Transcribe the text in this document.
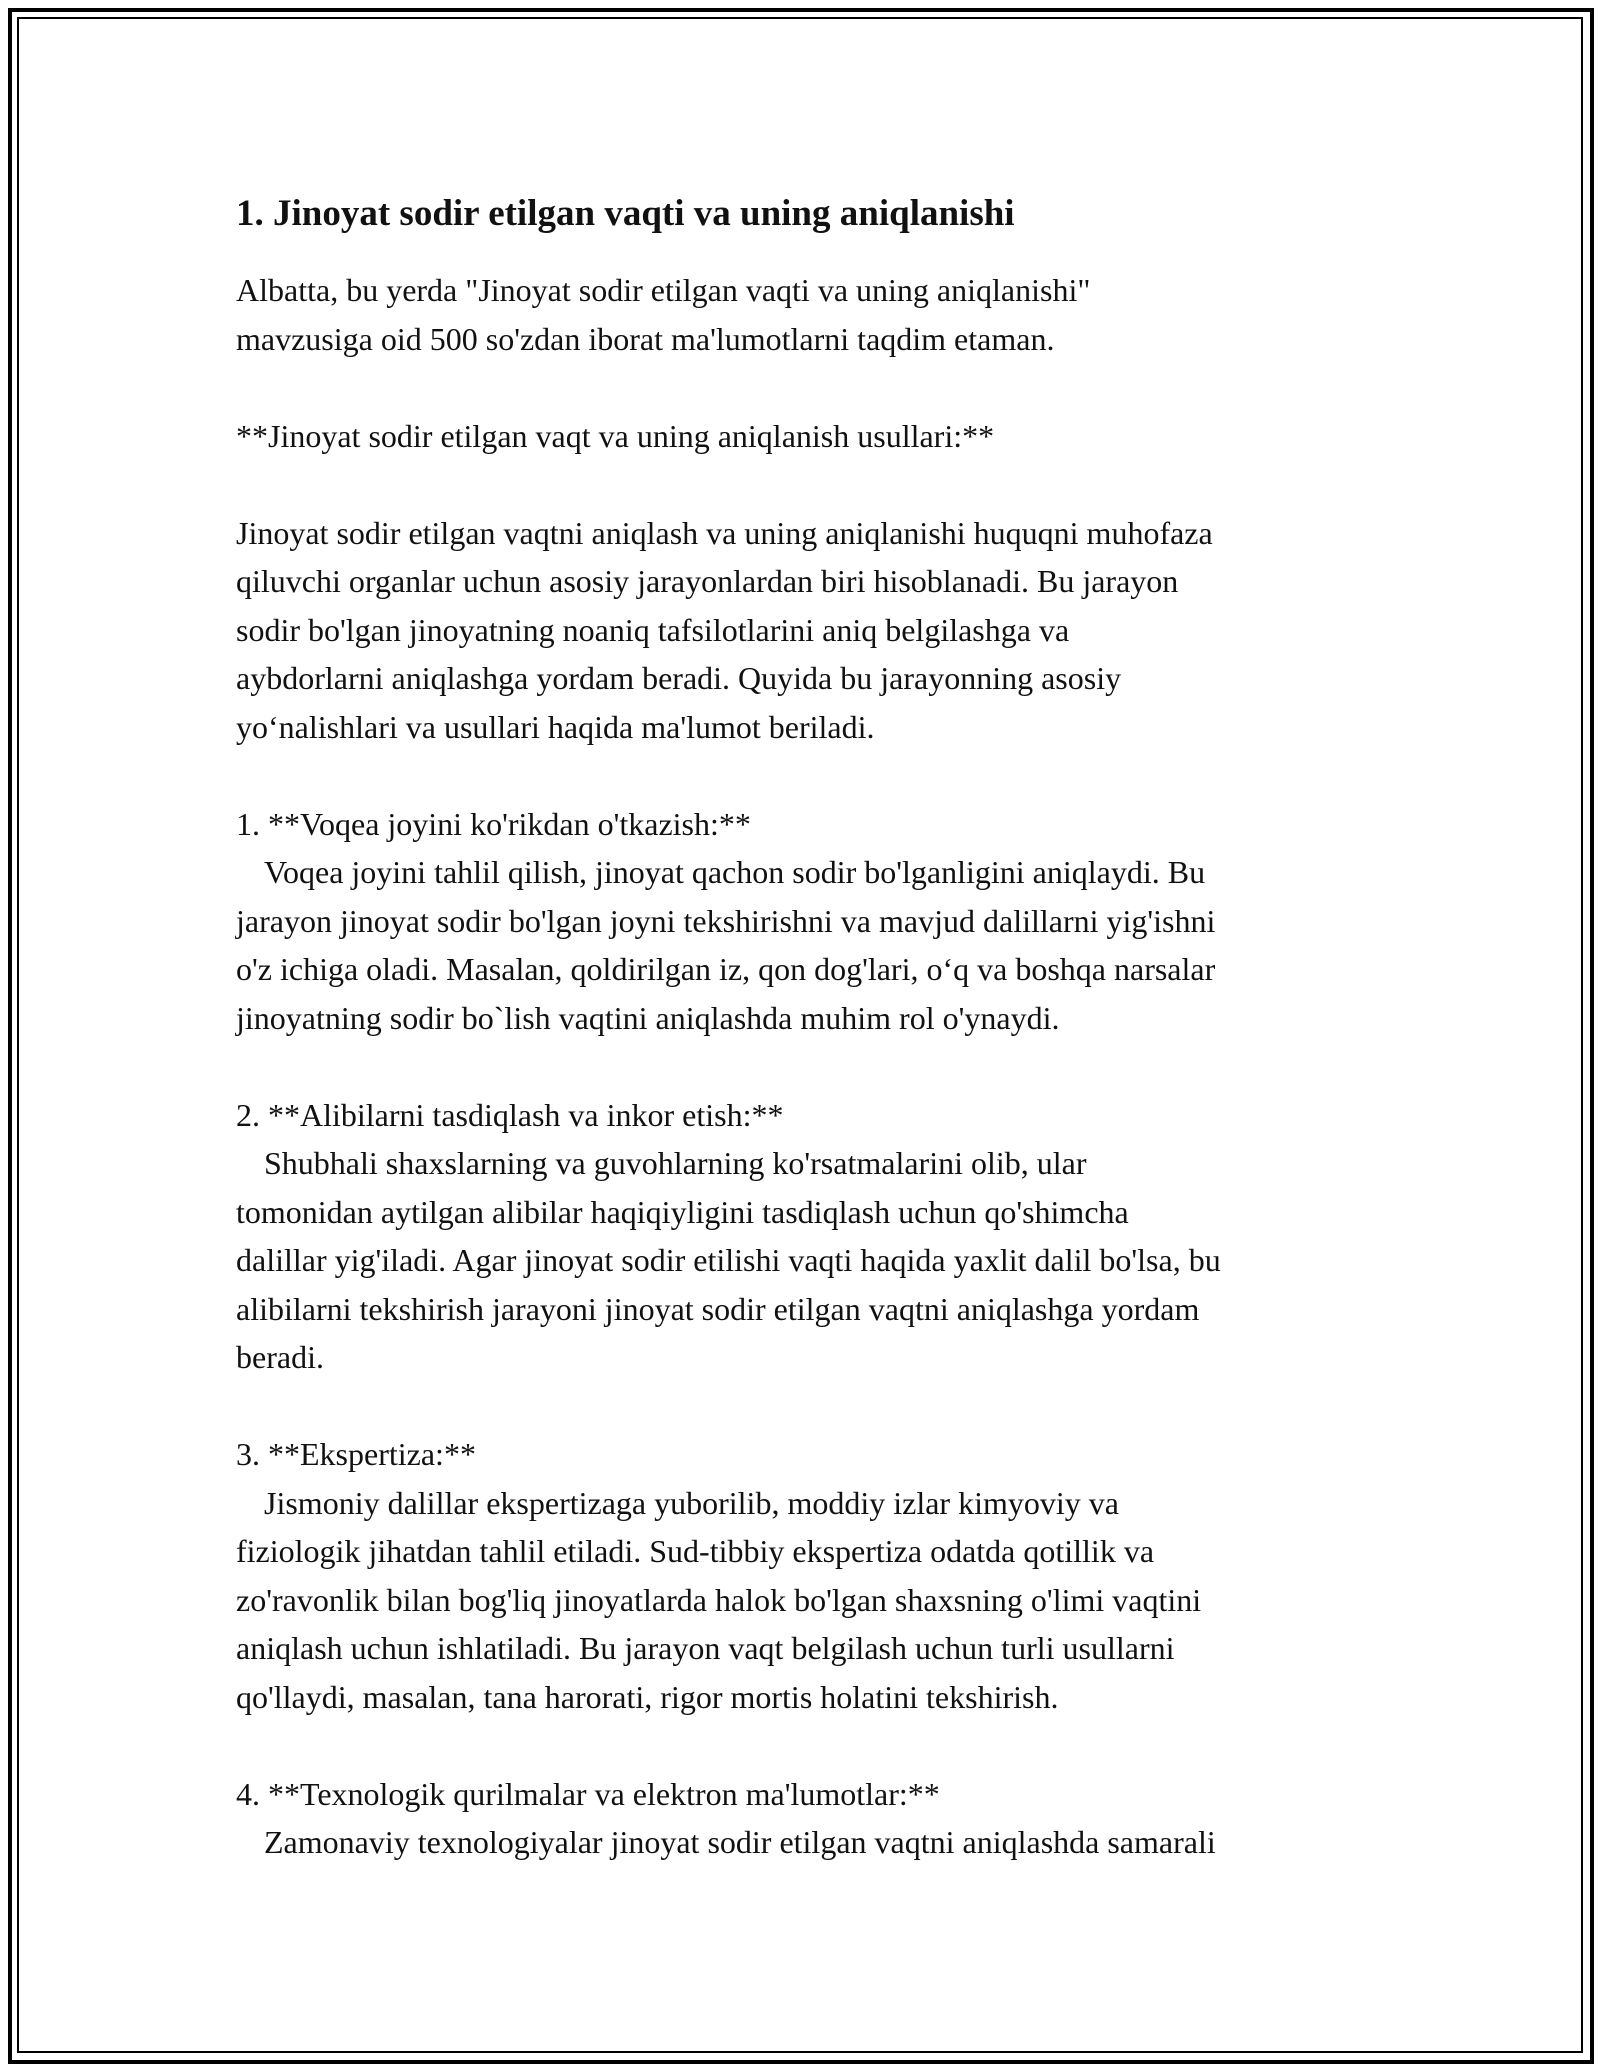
1. Jinoyat sodir etilgan vaqti va uning aniqlanishi

Albatta, bu yerda "Jinoyat sodir etilgan vaqti va uning aniqlanishi"

mavzusiga oid 500 so'zdan iborat ma'lumotlarni taqdim etaman.

**Jinoyat sodir etilgan vaqt va uning aniqlanish usullari:**

Jinoyat sodir etilgan vaqtni aniqlash va uning aniqlanishi huquqni muhofaza

qiluvchi organlar uchun asosiy jarayonlardan biri hisoblanadi. Bu jarayon

sodir bo'lgan jinoyatning noaniq tafsilotlarini aniq belgilashga va

aybdorlarni aniqlashga yordam beradi. Quyida bu jarayonning asosiy

yo‘nalishlari va usullari haqida ma'lumot beriladi.

1. **Voqea joyini ko'rikdan o'tkazish:**

Voqea joyini tahlil qilish, jinoyat qachon sodir bo'lganligini aniqlaydi. Bu

jarayon jinoyat sodir bo'lgan joyni tekshirishni va mavjud dalillarni yig'ishni

o'z ichiga oladi. Masalan, qoldirilgan iz, qon dog'lari, o‘q va boshqa narsalar

jinoyatning sodir bo`lish vaqtini aniqlashda muhim rol o'ynaydi.

2. **Alibilarni tasdiqlash va inkor etish:**

Shubhali shaxslarning va guvohlarning ko'rsatmalarini olib, ular

tomonidan aytilgan alibilar haqiqiyligini tasdiqlash uchun qo'shimcha

dalillar yig'iladi. Agar jinoyat sodir etilishi vaqti haqida yaxlit dalil bo'lsa, bu

alibilarni tekshirish jarayoni jinoyat sodir etilgan vaqtni aniqlashga yordam

beradi.

3. **Ekspertiza:**

Jismoniy dalillar ekspertizaga yuborilib, moddiy izlar kimyoviy va

fiziologik jihatdan tahlil etiladi. Sud-tibbiy ekspertiza odatda qotillik va

zo'ravonlik bilan bog'liq jinoyatlarda halok bo'lgan shaxsning o'limi vaqtini

aniqlash uchun ishlatiladi. Bu jarayon vaqt belgilash uchun turli usullarni

qo'llaydi, masalan, tana harorati, rigor mortis holatini tekshirish.

4. **Texnologik qurilmalar va elektron ma'lumotlar:**

Zamonaviy texnologiyalar jinoyat sodir etilgan vaqtni aniqlashda samarali
